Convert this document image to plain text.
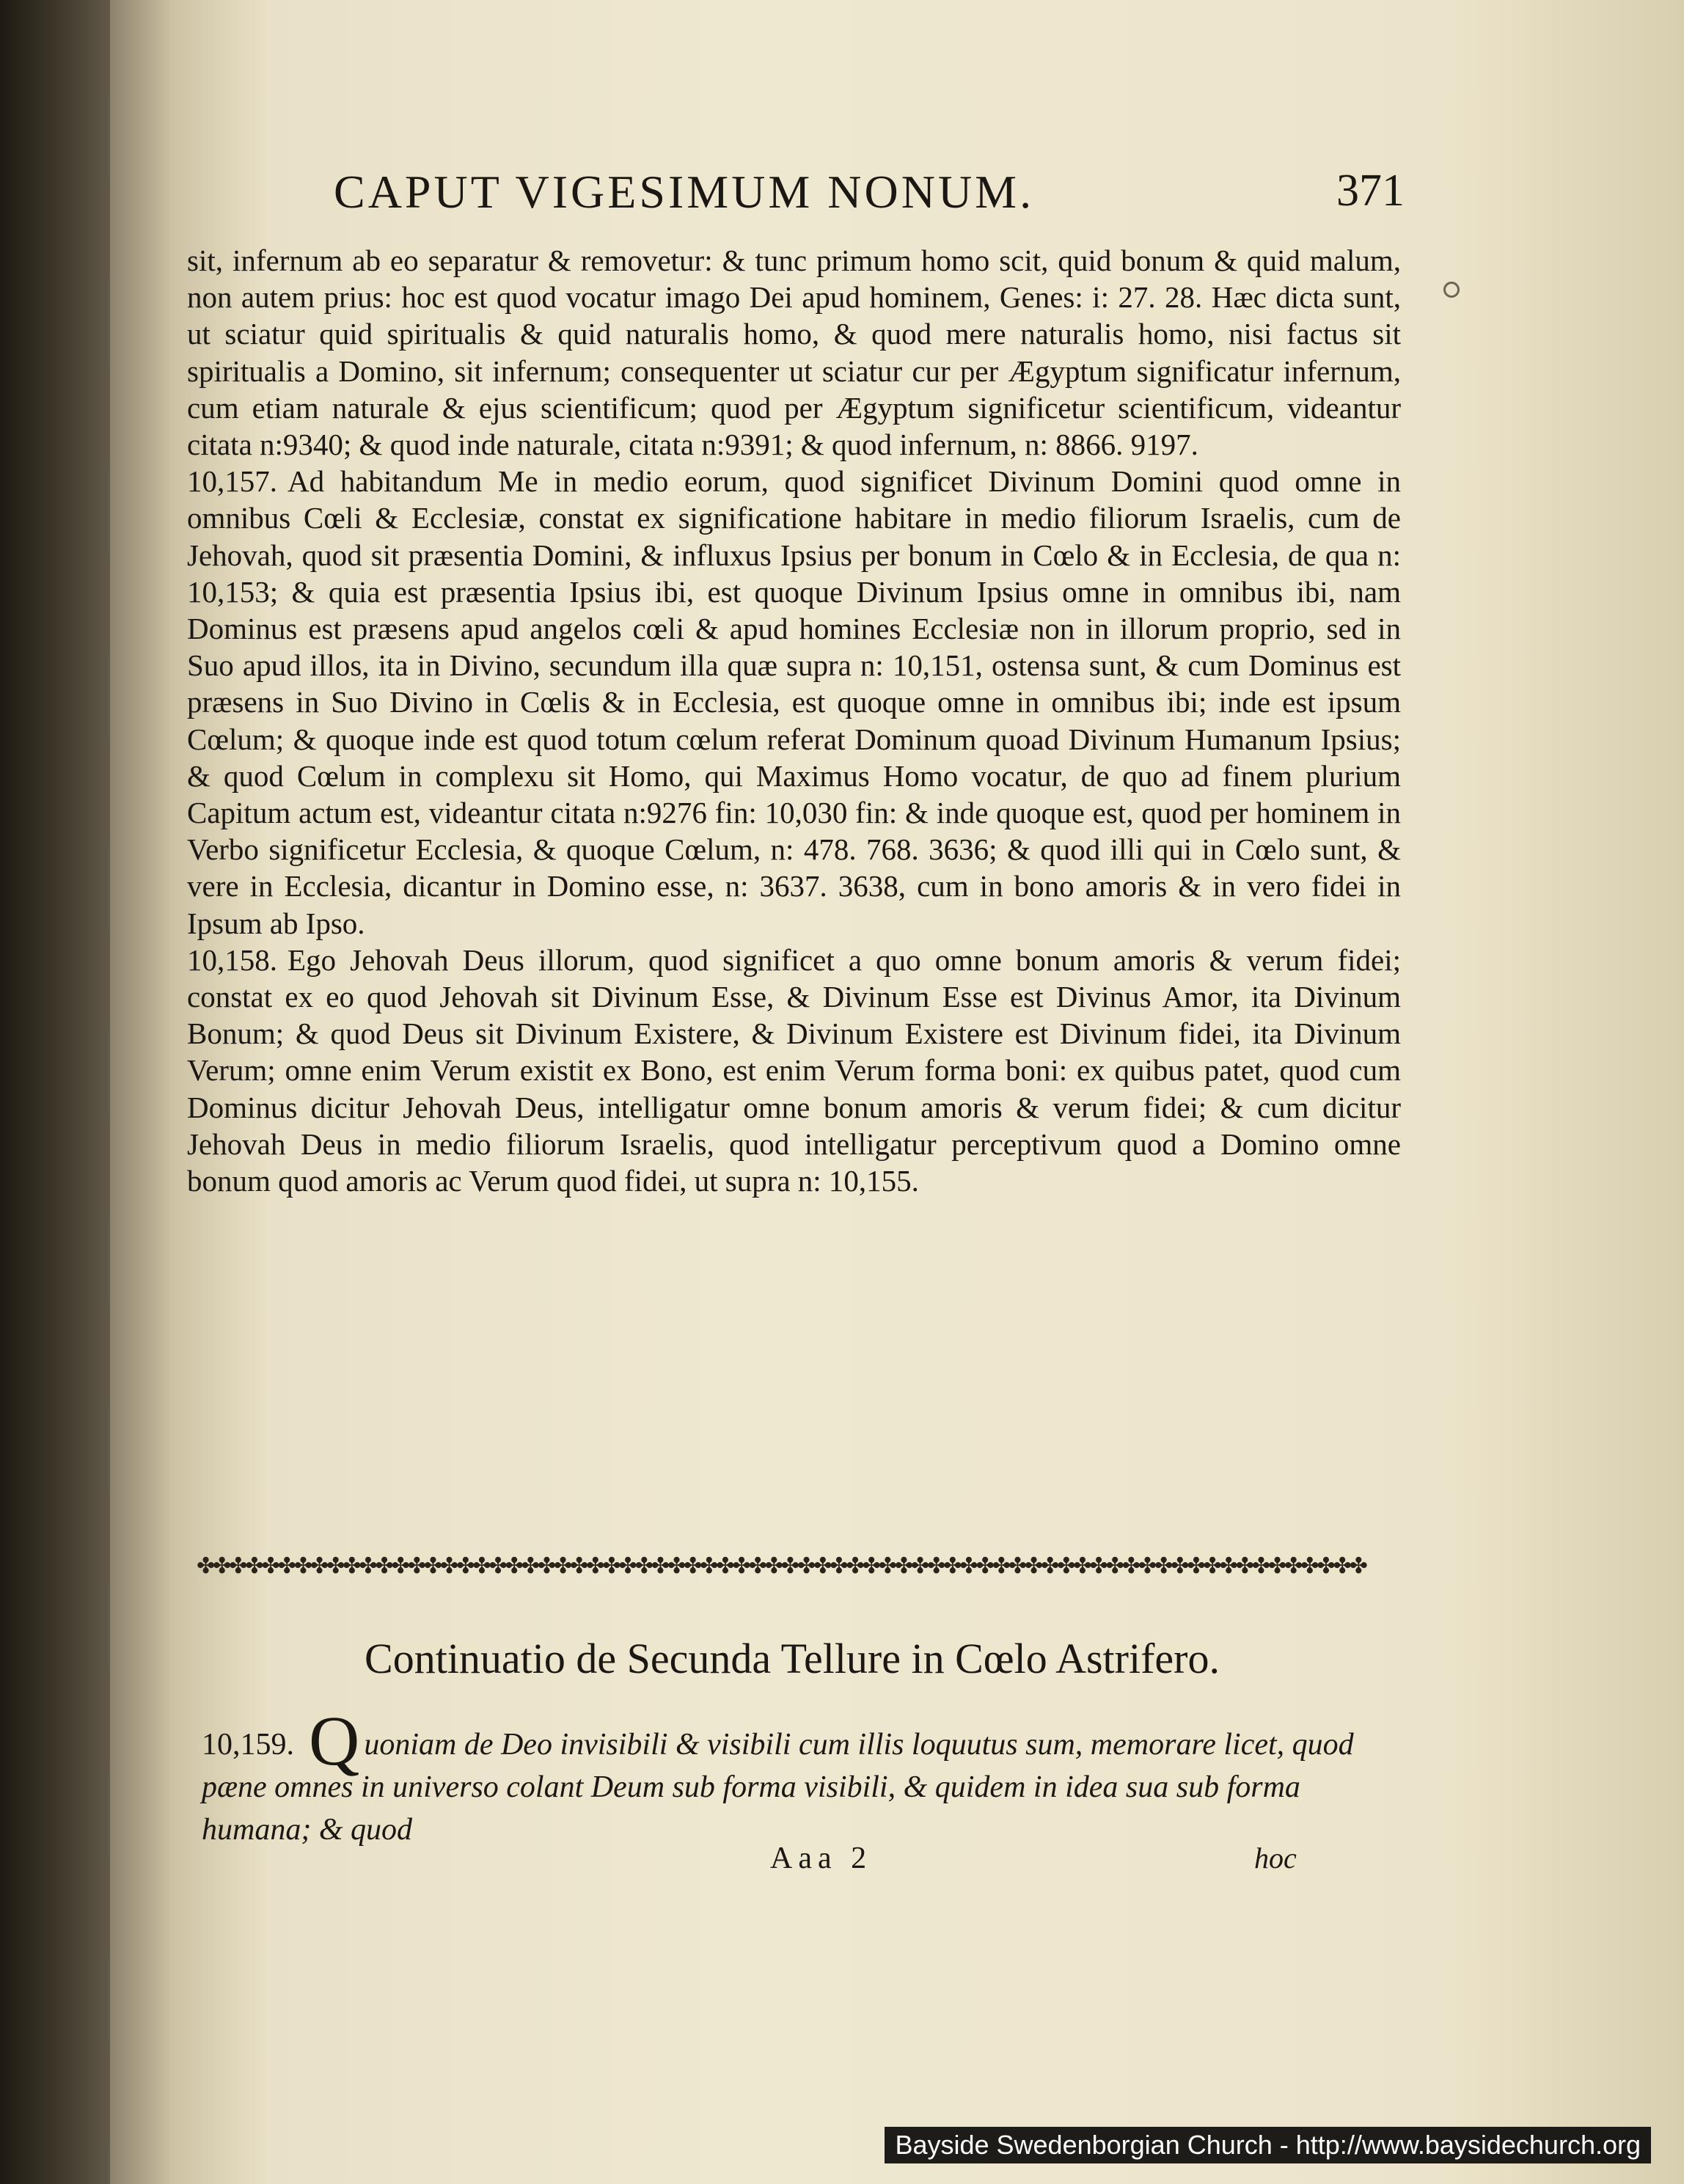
CAPUT VIGESIMUM NONUM.	371

sit, infernum ab eo separatur & removetur: & tunc primum homo scit, quid bonum & quid malum, non autem prius: hoc est quod vocatur imago Dei apud hominem, Genes: i: 27. 28. Hæc dicta sunt, ut sciatur quid spiritualis & quid naturalis homo, & quod mere naturalis homo, nisi factus sit spiritualis a Domino, sit infernum; consequenter ut sciatur cur per Ægyptum significatur infernum, cum etiam naturale & ejus scientificum; quod per Ægyptum significetur scientificum, videantur citata n:9340; & quod inde naturale, citata n:9391; & quod infernum, n: 8866. 9197.

10,157. Ad habitandum Me in medio eorum, quod significet Divinum Domini quod omne in omnibus Cœli & Ecclesiæ, constat ex significatione habitare in medio filiorum Israelis, cum de Jehovah, quod sit præsentia Domini, & influxus Ipsius per bonum in Cœlo & in Ecclesia, de qua n: 10,153; & quia est præsentia Ipsius ibi, est quoque Divinum Ipsius omne in omnibus ibi, nam Dominus est præsens apud angelos cœli & apud homines Ecclesiæ non in illorum proprio, sed in Suo apud illos, ita in Divino, secundum illa quæ supra n: 10,151, ostensa sunt, & cum Dominus est præsens in Suo Divino in Cœlis & in Ecclesia, est quoque omne in omnibus ibi; inde est ipsum Cœlum; & quoque inde est quod totum cœlum referat Dominum quoad Divinum Humanum Ipsius; & quod Cœlum in complexu sit Homo, qui Maximus Homo vocatur, de quo ad finem plurium Capitum actum est, videantur citata n:9276 fin: 10,030 fin: & inde quoque est, quod per hominem in Verbo significetur Ecclesia, & quoque Cœlum, n: 478. 768. 3636; & quod illi qui in Cœlo sunt, & vere in Ecclesia, dicantur in Domino esse, n: 3637. 3638, cum in bono amoris & in vero fidei in Ipsum ab Ipso.

10,158. Ego Jehovah Deus illorum, quod significet a quo omne bonum amoris & verum fidei; constat ex eo quod Jehovah sit Divinum Esse, & Divinum Esse est Divinus Amor, ita Divinum Bonum; & quod Deus sit Divinum Existere, & Divinum Existere est Divinum fidei, ita Divinum Verum; omne enim Verum existit ex Bono, est enim Verum forma boni: ex quibus patet, quod cum Dominus dicitur Jehovah Deus, intelligatur omne bonum amoris & verum fidei; & cum dicitur Jehovah Deus in medio filiorum Israelis, quod intelligatur perceptivum quod a Domino omne bonum quod amoris ac Verum quod fidei, ut supra n: 10,155.

✤✤✤✤✤✤✤✤✤✤✤✤✤✤✤✤✤✤✤✤✤✤✤✤✤✤✤✤✤✤✤✤✤✤✤✤✤✤✤✤✤✤✤✤✤✤✤✤✤✤✤✤✤✤✤✤✤✤✤✤✤✤✤✤✤✤✤✤✤✤✤✤
Continuatio de Secunda Tellure in Cœlo Astrifero.
10,159. Q uoniam de Deo invisibili & visibili cum illis loquutus sum, memorare licet, quod pæne omnes in universo colant Deum sub forma visibili, & quidem in idea sua sub forma humana; & quod
Aaa 2	hoc
Bayside Swedenborgian Church - http://www.baysidechurch.org
